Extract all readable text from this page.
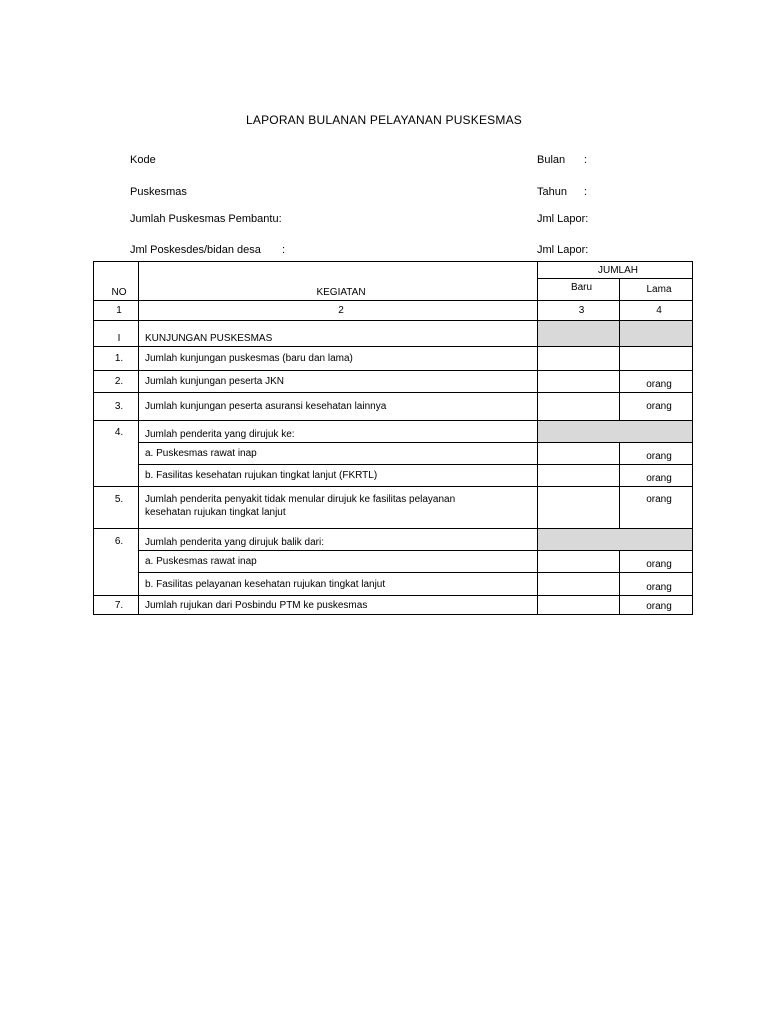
LAPORAN BULANAN PELAYANAN PUSKESMAS
Kode
Puskesmas
Jumlah Puskesmas Pembantu:
Jml Poskesdes/bidan desa :
Bulan :
Tahun :
Jml Lapor:
Jml Lapor:
NO	KEGIATAN	JUMLAH	
		Baru	Lama
1	2	3	4
I	KUNJUNGAN PUSKESMAS		
1.	Jumlah kunjungan puskesmas (baru dan lama)		
2.	Jumlah kunjungan peserta JKN		orang
3.	Jumlah kunjungan peserta asuransi kesehatan lainnya		orang
4.	Jumlah penderita yang dirujuk ke:		
	a. Puskesmas rawat inap		orang
	b. Fasilitas kesehatan rujukan tingkat lanjut (FKRTL)		orang
5.	Jumlah penderita penyakit tidak menular dirujuk ke fasilitas pelayanan kesehatan rujukan tingkat lanjut		orang
6.	Jumlah penderita yang dirujuk balik dari:		
	a. Puskesmas rawat inap		orang
	b. Fasilitas pelayanan kesehatan rujukan tingkat lanjut		orang
7.	Jumlah rujukan dari Posbindu PTM ke puskesmas		orang
